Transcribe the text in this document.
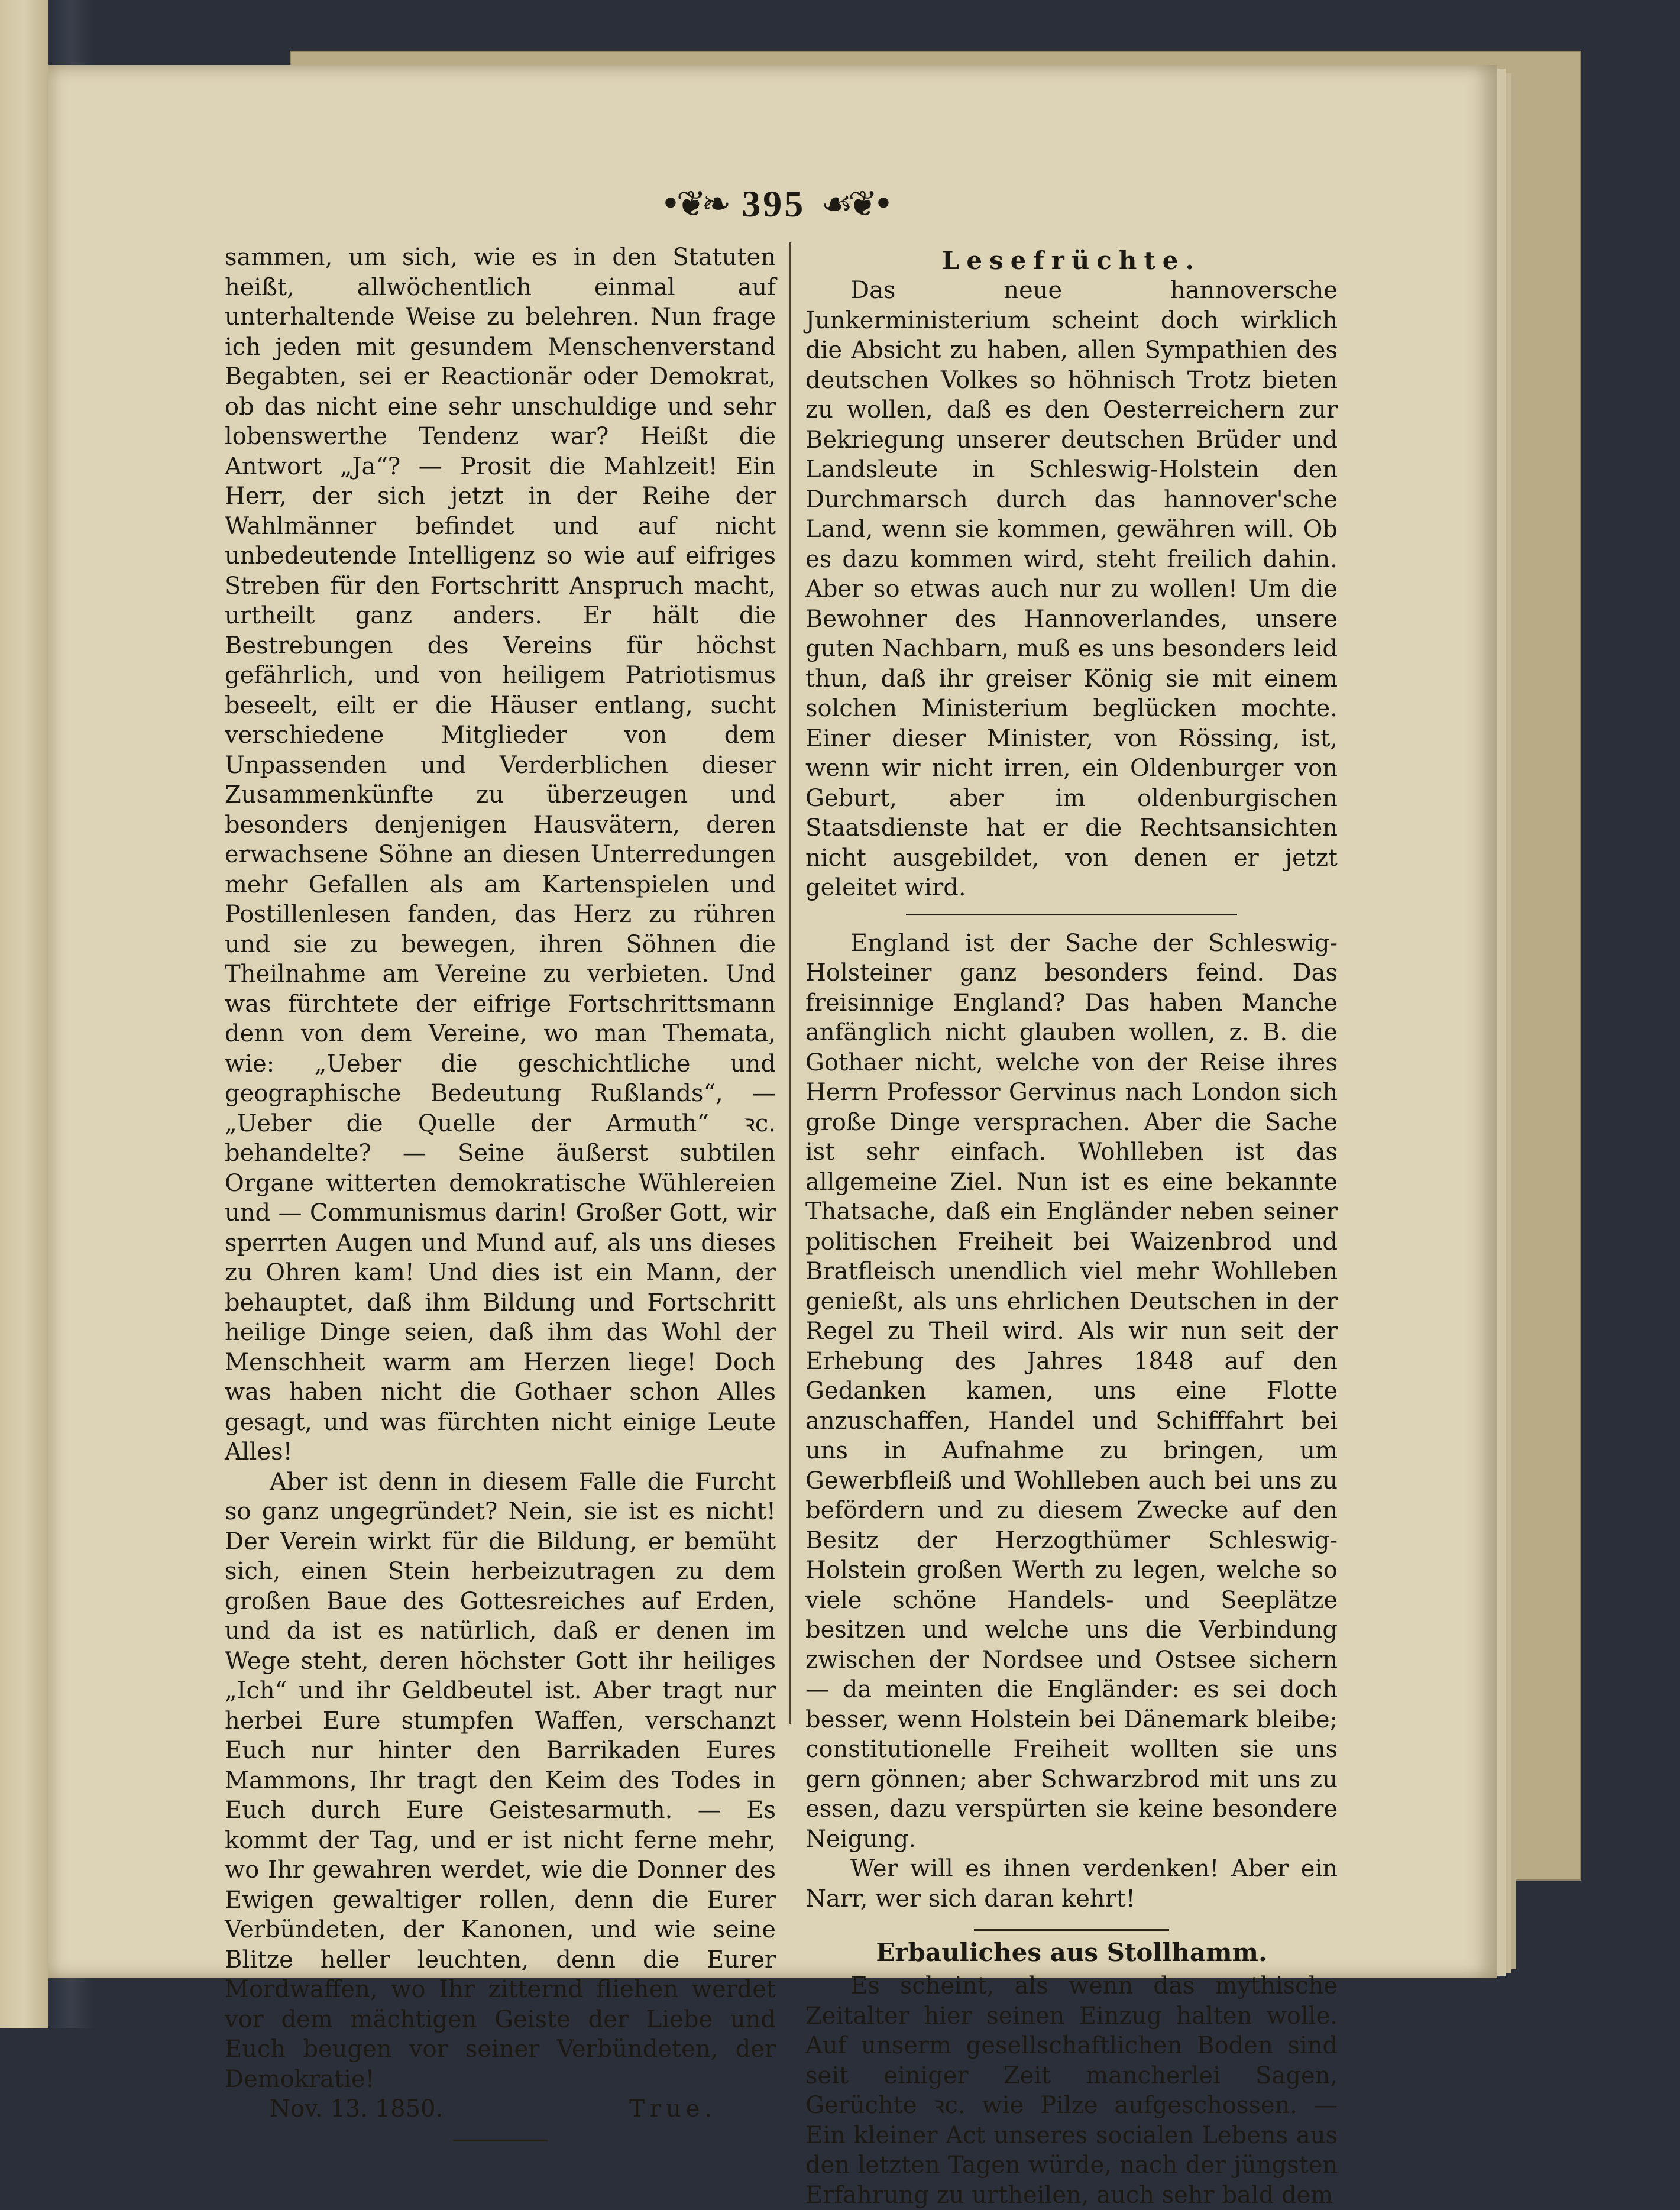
•❦❧ 395 ☙❦•

sammen, um sich, wie es in den Statuten heißt, allwöchentlich einmal auf unterhaltende Weise zu belehren. Nun frage ich jeden mit gesundem Menschenverstand Begabten, sei er Reactionär oder Demokrat, ob das nicht eine sehr unschuldige und sehr lobenswerthe Tendenz war? Heißt die Antwort „Ja“? — Prosit die Mahlzeit! Ein Herr, der sich jetzt in der Reihe der Wahlmänner befindet und auf nicht unbedeutende Intelligenz so wie auf eifriges Streben für den Fortschritt Anspruch macht, urtheilt ganz anders. Er hält die Bestrebungen des Vereins für höchst gefährlich, und von heiligem Patriotismus beseelt, eilt er die Häuser entlang, sucht verschiedene Mitglieder von dem Unpassenden und Verderblichen dieser Zusammenkünfte zu überzeugen und besonders denjenigen Hausvätern, deren erwachsene Söhne an diesen Unterredungen mehr Gefallen als am Kartenspielen und Postillenlesen fanden, das Herz zu rühren und sie zu bewegen, ihren Söhnen die Theilnahme am Vereine zu verbieten. Und was fürchtete der eifrige Fortschrittsmann denn von dem Vereine, wo man Themata, wie: „Ueber die geschichtliche und geographische Bedeutung Rußlands“, — „Ueber die Quelle der Armuth“ ꝛc. behandelte? — Seine äußerst subtilen Organe witterten demokratische Wühlereien und — Communismus darin! Großer Gott, wir sperrten Augen und Mund auf, als uns dieses zu Ohren kam! Und dies ist ein Mann, der behauptet, daß ihm Bildung und Fortschritt heilige Dinge seien, daß ihm das Wohl der Menschheit warm am Herzen liege! Doch was haben nicht die Gothaer schon Alles gesagt, und was fürchten nicht einige Leute Alles!

Aber ist denn in diesem Falle die Furcht so ganz ungegründet? Nein, sie ist es nicht! Der Verein wirkt für die Bildung, er bemüht sich, einen Stein herbeizutragen zu dem großen Baue des Gottesreiches auf Erden, und da ist es natürlich, daß er denen im Wege steht, deren höchster Gott ihr heiliges „Ich“ und ihr Geldbeutel ist. Aber tragt nur herbei Eure stumpfen Waffen, verschanzt Euch nur hinter den Barrikaden Eures Mammons, Ihr tragt den Keim des Todes in Euch durch Eure Geistesarmuth. — Es kommt der Tag, und er ist nicht ferne mehr, wo Ihr gewahren werdet, wie die Donner des Ewigen gewaltiger rollen, denn die Eurer Verbündeten, der Kanonen, und wie seine Blitze heller leuchten, denn die Eurer Mordwaffen, wo Ihr zitternd fliehen werdet vor dem mächtigen Geiste der Liebe und Euch beugen vor seiner Verbündeten, der Demokratie!

Nov. 13. 1850.	True.
Lesefrüchte.

Das neue hannoversche Junkerministerium scheint doch wirklich die Absicht zu haben, allen Sympathien des deutschen Volkes so höhnisch Trotz bieten zu wollen, daß es den Oesterreichern zur Bekriegung unserer deutschen Brüder und Landsleute in Schleswig-Holstein den Durchmarsch durch das hannover'sche Land, wenn sie kommen, gewähren will. Ob es dazu kommen wird, steht freilich dahin. Aber so etwas auch nur zu wollen! Um die Bewohner des Hannoverlandes, unsere guten Nachbarn, muß es uns besonders leid thun, daß ihr greiser König sie mit einem solchen Ministerium beglücken mochte. Einer dieser Minister, von Rössing, ist, wenn wir nicht irren, ein Oldenburger von Geburt, aber im oldenburgischen Staatsdienste hat er die Rechtsansichten nicht ausgebildet, von denen er jetzt geleitet wird.

England ist der Sache der Schleswig-Holsteiner ganz besonders feind. Das freisinnige England? Das haben Manche anfänglich nicht glauben wollen, z. B. die Gothaer nicht, welche von der Reise ihres Herrn Professor Gervinus nach London sich große Dinge versprachen. Aber die Sache ist sehr einfach. Wohlleben ist das allgemeine Ziel. Nun ist es eine bekannte Thatsache, daß ein Engländer neben seiner politischen Freiheit bei Waizenbrod und Bratfleisch unendlich viel mehr Wohlleben genießt, als uns ehrlichen Deutschen in der Regel zu Theil wird. Als wir nun seit der Erhebung des Jahres 1848 auf den Gedanken kamen, uns eine Flotte anzuschaffen, Handel und Schifffahrt bei uns in Aufnahme zu bringen, um Gewerbfleiß und Wohlleben auch bei uns zu befördern und zu diesem Zwecke auf den Besitz der Herzogthümer Schleswig-Holstein großen Werth zu legen, welche so viele schöne Handels- und Seeplätze besitzen und welche uns die Verbindung zwischen der Nordsee und Ostsee sichern — da meinten die Engländer: es sei doch besser, wenn Holstein bei Dänemark bleibe; constitutionelle Freiheit wollten sie uns gern gönnen; aber Schwarzbrod mit uns zu essen, dazu verspürten sie keine besondere Neigung.

Wer will es ihnen verdenken! Aber ein Narr, wer sich daran kehrt!

Erbauliches aus Stollhamm.

Es scheint, als wenn das mythische Zeitalter hier seinen Einzug halten wolle. Auf unserm gesellschaftlichen Boden sind seit einiger Zeit mancherlei Sagen, Gerüchte ꝛc. wie Pilze aufgeschossen. — Ein kleiner Act unseres socialen Lebens aus den letzten Tagen würde, nach der jüngsten Erfahrung zu urtheilen, auch sehr bald dem
